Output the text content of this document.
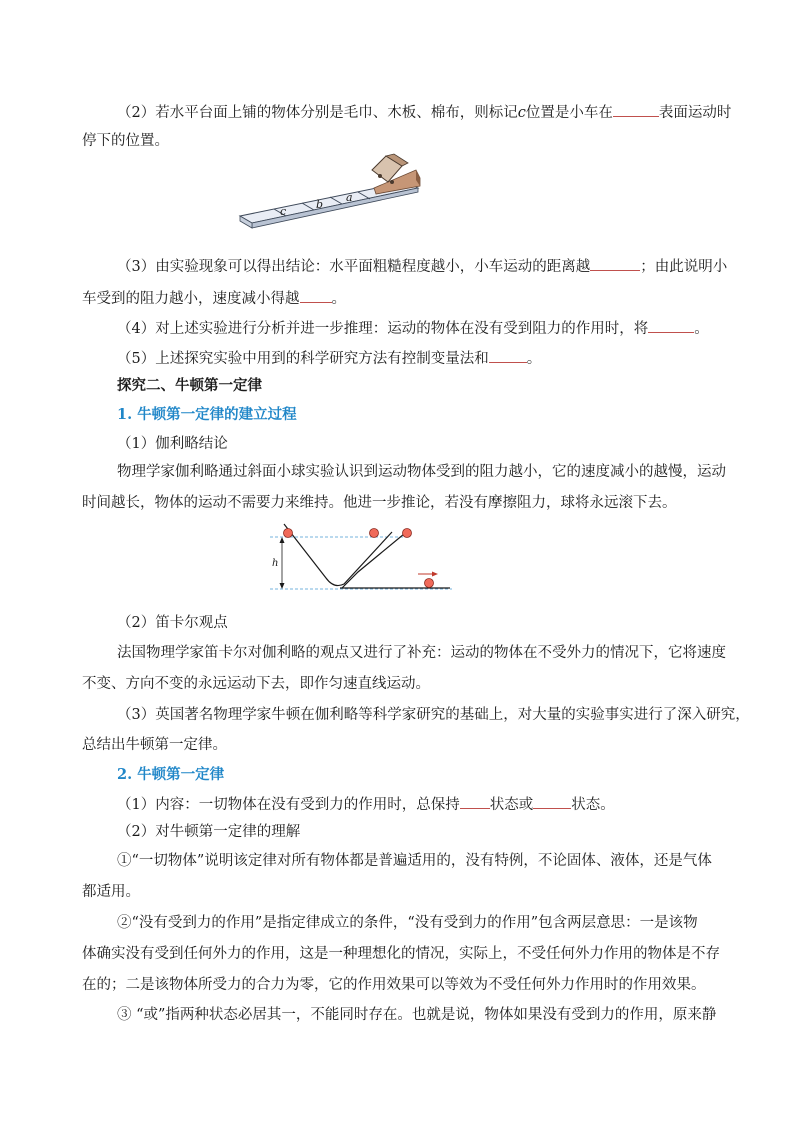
（2）若水平台面上铺的物体分别是毛巾、木板、棉布，则标记c位置是小车在	表面运动时
停下的位置。
c
b
a
（3）由实验现象可以得出结论：水平面粗糙程度越小，小车运动的距离越	；由此说明小
车受到的阻力越小，速度减小得越 。
（4）对上述实验进行分析并进一步推理：运动的物体在没有受到阻力的作用时，将	。
（5）上述探究实验中用到的科学研究方法有控制变量法和	。
探究二、牛顿第一定律
1. 牛顿第一定律的建立过程
（1）伽利略结论
物理学家伽利略通过斜面小球实验认识到运动物体受到的阻力越小，它的速度减小的越慢，运动
时间越长，物体的运动不需要力来维持。他进一步推论，若没有摩擦阻力，球将永远滚下去。
h
（2）笛卡尔观点
法国物理学家笛卡尔对伽利略的观点又进行了补充：运动的物体在不受外力的情况下，它将速度
不变、方向不变的永远运动下去，即作匀速直线运动。
（3）英国著名物理学家牛顿在伽利略等科学家研究的基础上，对大量的实验事实进行了深入研究，
总结出牛顿第一定律。
2. 牛顿第一定律
（1）内容：一切物体在没有受到力的作用时，总保持 状态或	状态。
（2）对牛顿第一定律的理解
①“一切物体”说明该定律对所有物体都是普遍适用的，没有特例，不论固体、液体，还是气体
都适用。
②“没有受到力的作用”是指定律成立的条件，“没有受到力的作用”包含两层意思：一是该物
体确实没有受到任何外力的作用，这是一种理想化的情况，实际上，不受任何外力作用的物体是不存
在的；二是该物体所受力的合力为零，它的作用效果可以等效为不受任何外力作用时的作用效果。
③ “或”指两种状态必居其一，不能同时存在。也就是说，物体如果没有受到力的作用，原来静
